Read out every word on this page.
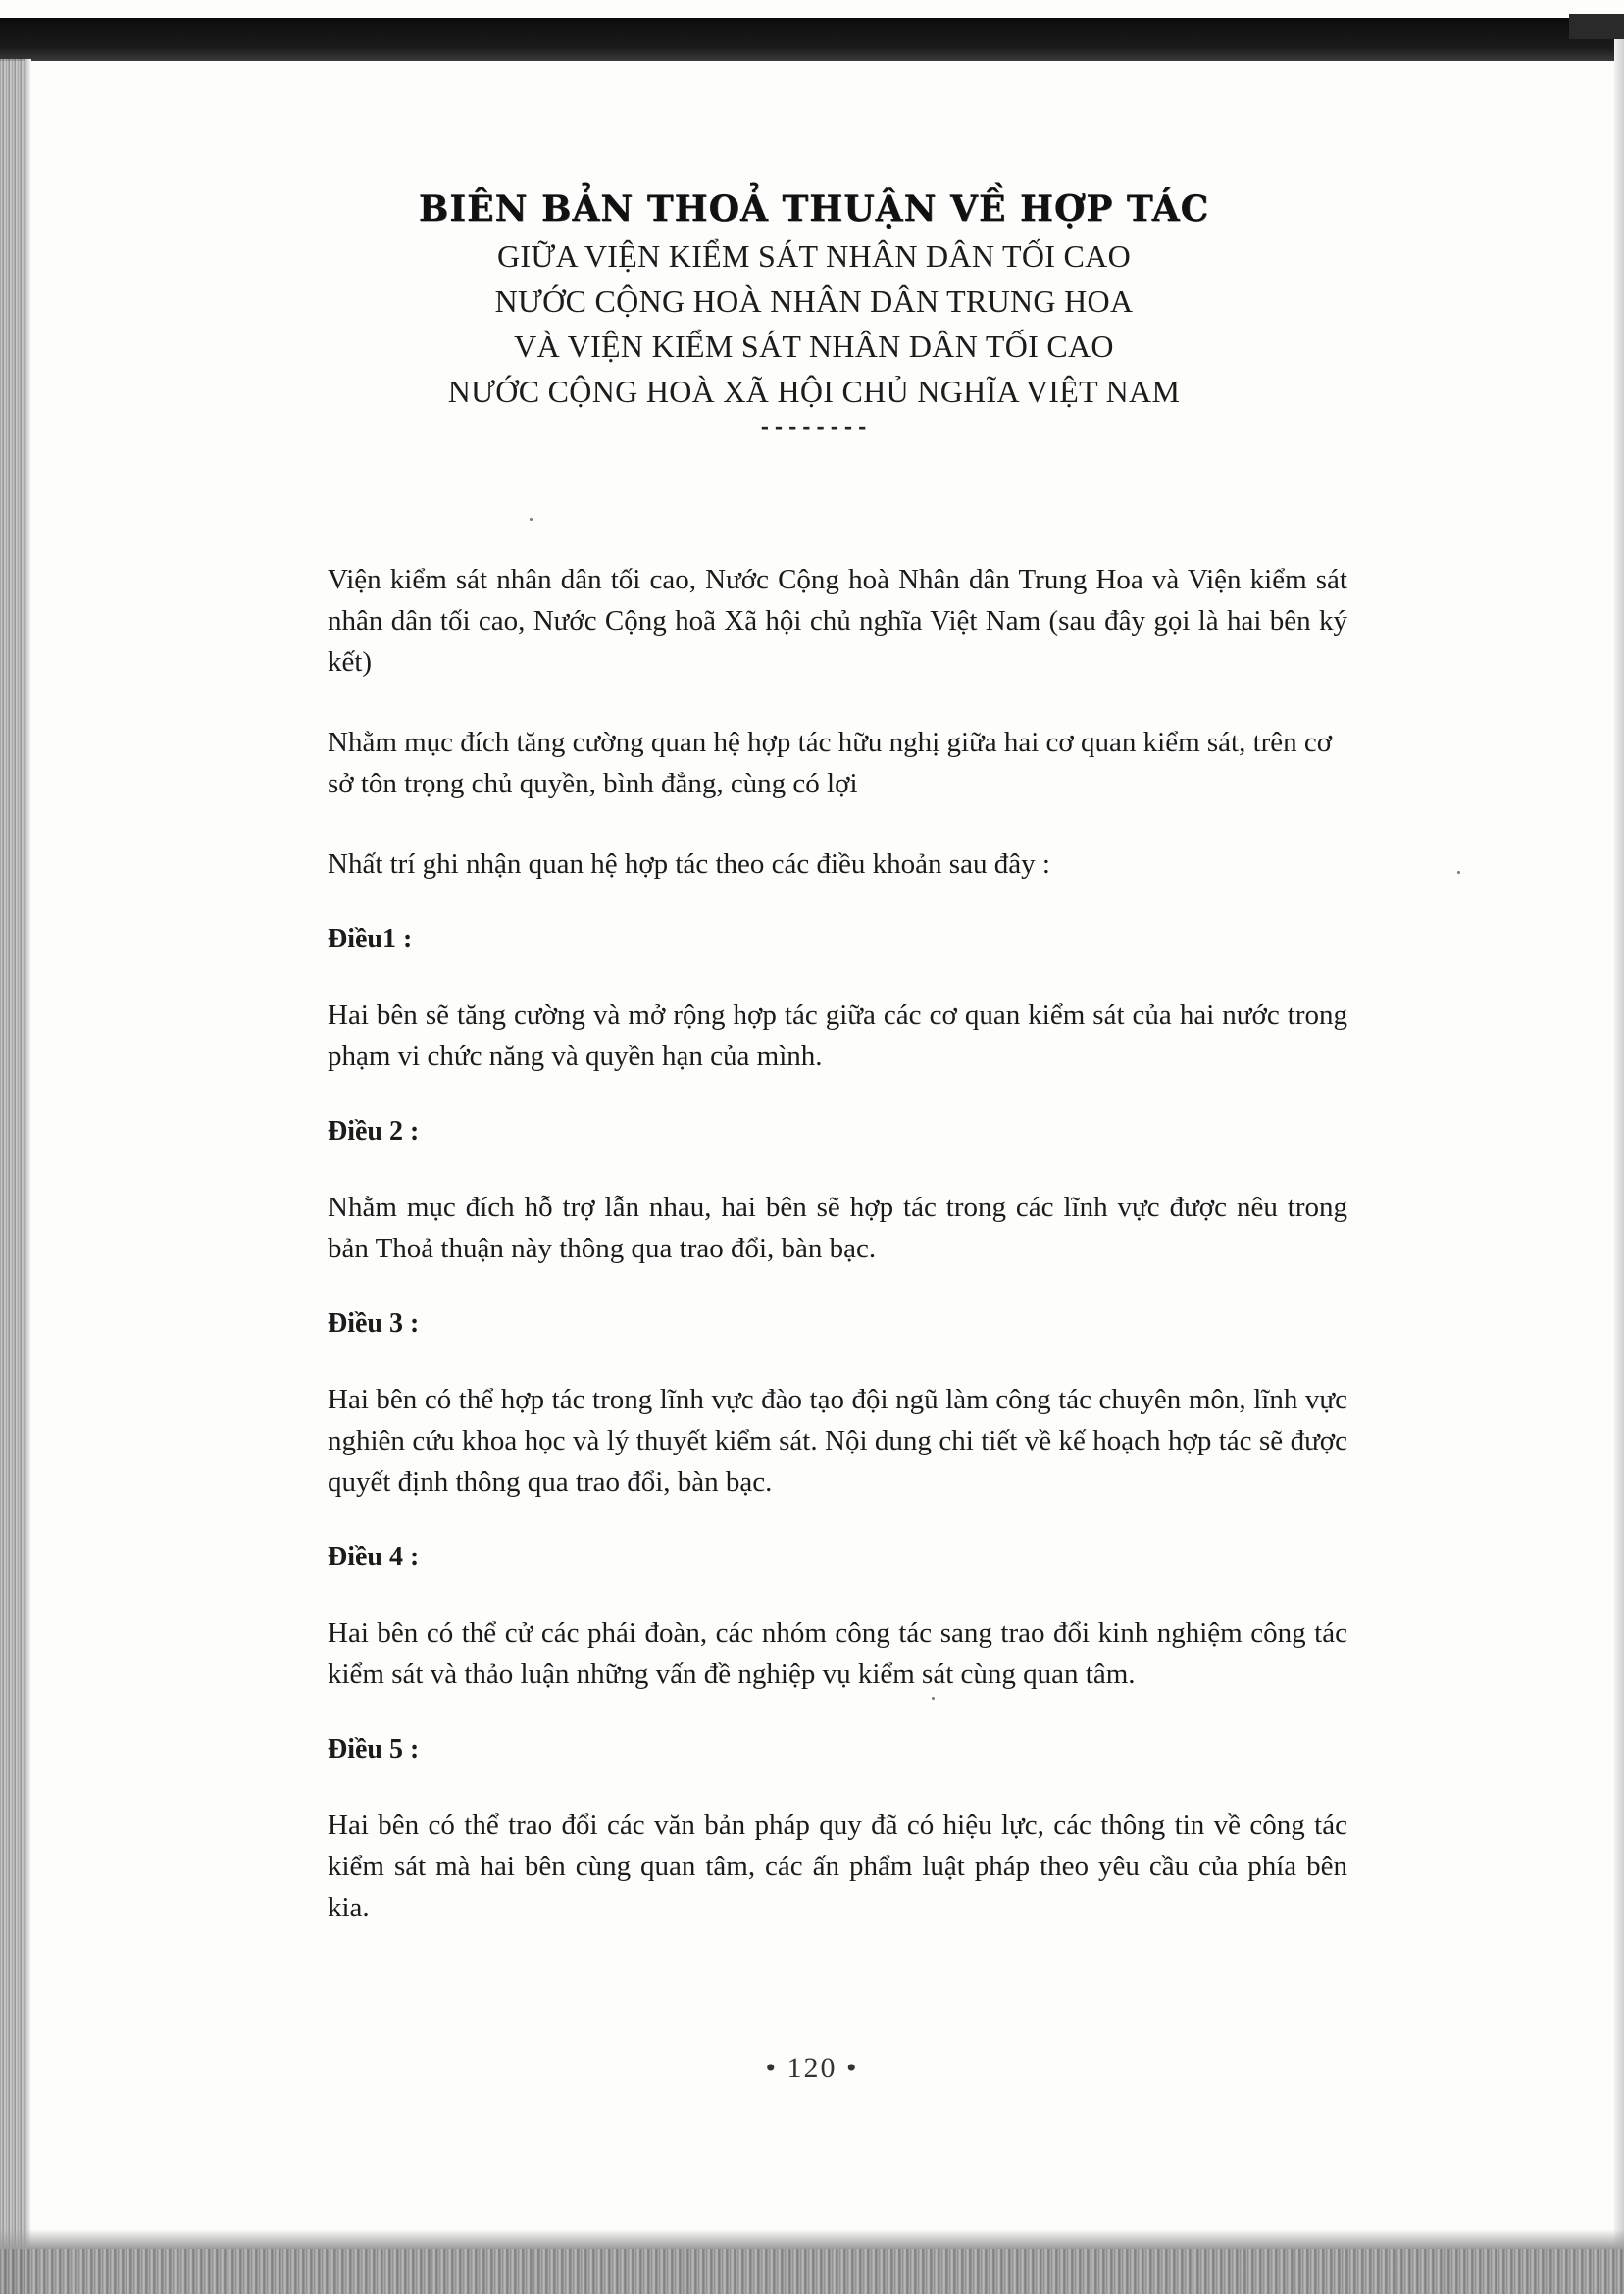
BIÊN BẢN THOẢ THUẬN VỀ HỢP TÁC
GIỮA VIỆN KIỂM SÁT NHÂN DÂN TỐI CAO
NƯỚC CỘNG HOÀ NHÂN DÂN TRUNG HOA
VÀ VIỆN KIỂM SÁT NHÂN DÂN TỐI CAO
NƯỚC CỘNG HOÀ XÃ HỘI CHỦ NGHĨA VIỆT NAM
--------

Viện kiểm sát nhân dân tối cao, Nước Cộng hoà Nhân dân Trung Hoa và Viện kiểm sát nhân dân tối cao, Nước Cộng hoã Xã hội chủ nghĩa Việt Nam (sau đây gọi là hai bên ký kết)

Nhằm mục đích tăng cường quan hệ hợp tác hữu nghị giữa hai cơ quan kiểm sát, trên cơ sở tôn trọng chủ quyền, bình đẳng, cùng có lợi

Nhất trí ghi nhận quan hệ hợp tác theo các điều khoản sau đây :

Điều1 :

Hai bên sẽ tăng cường và mở rộng hợp tác giữa các cơ quan kiểm sát của hai nước trong phạm vi chức năng và quyền hạn của mình.

Điều 2 :

Nhằm mục đích hỗ trợ lẫn nhau, hai bên sẽ hợp tác trong các lĩnh vực được nêu trong bản Thoả thuận này thông qua trao đổi, bàn bạc.

Điều 3 :

Hai bên có thể hợp tác trong lĩnh vực đào tạo đội ngũ làm công tác chuyên môn, lĩnh vực nghiên cứu khoa học và lý thuyết kiểm sát. Nội dung chi tiết về kế hoạch hợp tác sẽ được quyết định thông qua trao đổi, bàn bạc.

Điều 4 :

Hai bên có thể cử các phái đoàn, các nhóm công tác sang trao đổi kinh nghiệm công tác kiểm sát và thảo luận những vấn đề nghiệp vụ kiểm sát cùng quan tâm.

Điều 5 :

Hai bên có thể trao đổi các văn bản pháp quy đã có hiệu lực, các thông tin về công tác kiểm sát mà hai bên cùng quan tâm, các ấn phẩm luật pháp theo yêu cầu của phía bên kia.

• 120 •
